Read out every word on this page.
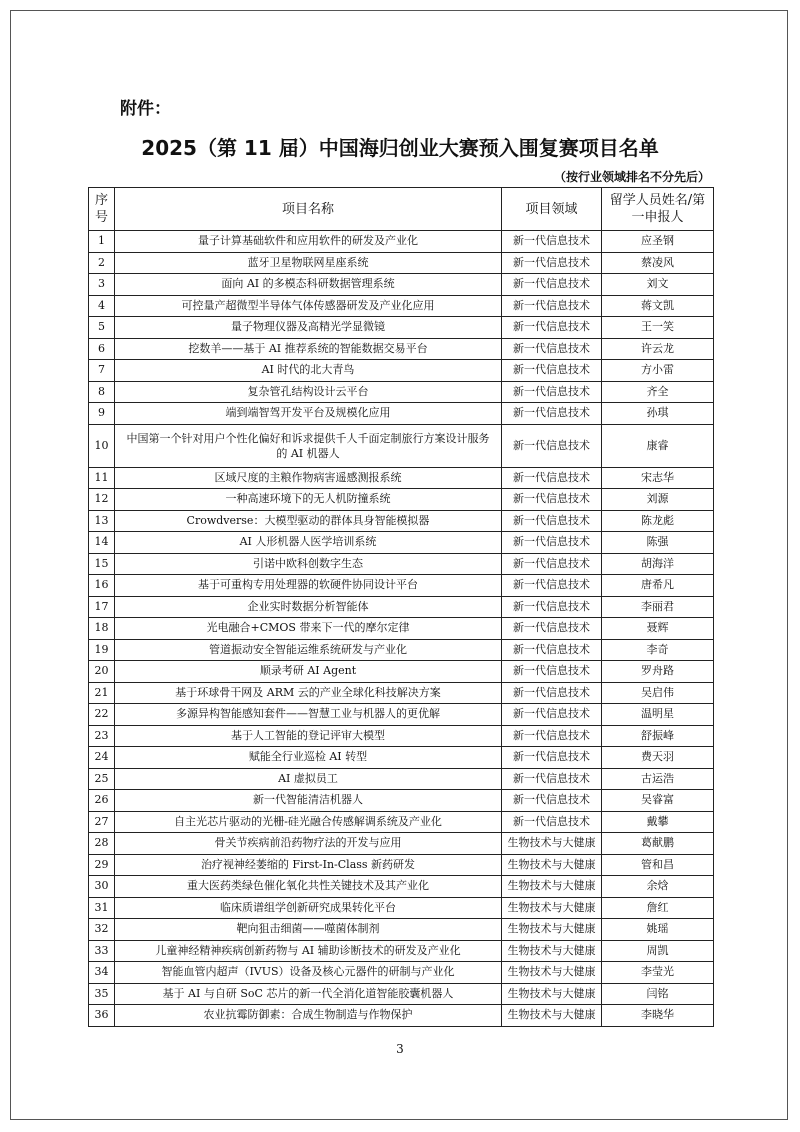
附件：
2025（第 11 届）中国海归创业大赛预入围复赛项目名单
（按行业领域排名不分先后）
序号	项目名称	项目领域	留学人员姓名/第一申报人
1	量子计算基础软件和应用软件的研发及产业化	新一代信息技术	应圣钢
2	蓝牙卫星物联网星座系统	新一代信息技术	蔡凌风
3	面向 AI 的多模态科研数据管理系统	新一代信息技术	刘文
4	可控量产超微型半导体气体传感器研发及产业化应用	新一代信息技术	蒋文凯
5	量子物理仪器及高精光学显微镜	新一代信息技术	王一笑
6	挖数羊——基于 AI 推荐系统的智能数据交易平台	新一代信息技术	许云龙
7	AI 时代的北大青鸟	新一代信息技术	方小雷
8	复杂管孔结构设计云平台	新一代信息技术	齐全
9	端到端智驾开发平台及规模化应用	新一代信息技术	孙琪
10	中国第一个针对用户个性化偏好和诉求提供千人千面定制旅行方案设计服务的 AI 机器人	新一代信息技术	康睿
11	区域尺度的主粮作物病害遥感测报系统	新一代信息技术	宋志华
12	一种高速环境下的无人机防撞系统	新一代信息技术	刘源
13	Crowdverse：大模型驱动的群体具身智能模拟器	新一代信息技术	陈龙彪
14	AI 人形机器人医学培训系统	新一代信息技术	陈强
15	引诺中欧科创数字生态	新一代信息技术	胡海洋
16	基于可重构专用处理器的软硬件协同设计平台	新一代信息技术	唐希凡
17	企业实时数据分析智能体	新一代信息技术	李丽君
18	光电融合+CMOS 带来下一代的摩尔定律	新一代信息技术	聂辉
19	管道振动安全智能运维系统研发与产业化	新一代信息技术	李奇
20	顺录考研 AI Agent	新一代信息技术	罗舟路
21	基于环球骨干网及 ARM 云的产业全球化科技解决方案	新一代信息技术	吴启伟
22	多源异构智能感知套件——智慧工业与机器人的更优解	新一代信息技术	温明星
23	基于人工智能的登记评审大模型	新一代信息技术	舒振峰
24	赋能全行业巡检 AI 转型	新一代信息技术	费天羽
25	AI 虚拟员工	新一代信息技术	古运浩
26	新一代智能清洁机器人	新一代信息技术	吴睿富
27	自主光芯片驱动的光栅-硅光融合传感解调系统及产业化	新一代信息技术	戴攀
28	骨关节疾病前沿药物疗法的开发与应用	生物技术与大健康	葛献鹏
29	治疗视神经萎缩的 First-In-Class 新药研发	生物技术与大健康	管和昌
30	重大医药类绿色催化氧化共性关键技术及其产业化	生物技术与大健康	余焓
31	临床质谱组学创新研究成果转化平台	生物技术与大健康	詹红
32	靶向狙击细菌——噬菌体制剂	生物技术与大健康	姚瑶
33	儿童神经精神疾病创新药物与 AI 辅助诊断技术的研发及产业化	生物技术与大健康	周凯
34	智能血管内超声（IVUS）设备及核心元器件的研制与产业化	生物技术与大健康	李莹光
35	基于 AI 与自研 SoC 芯片的新一代全消化道智能胶囊机器人	生物技术与大健康	闫铭
36	农业抗霉防御素：合成生物制造与作物保护	生物技术与大健康	李晓华
3
